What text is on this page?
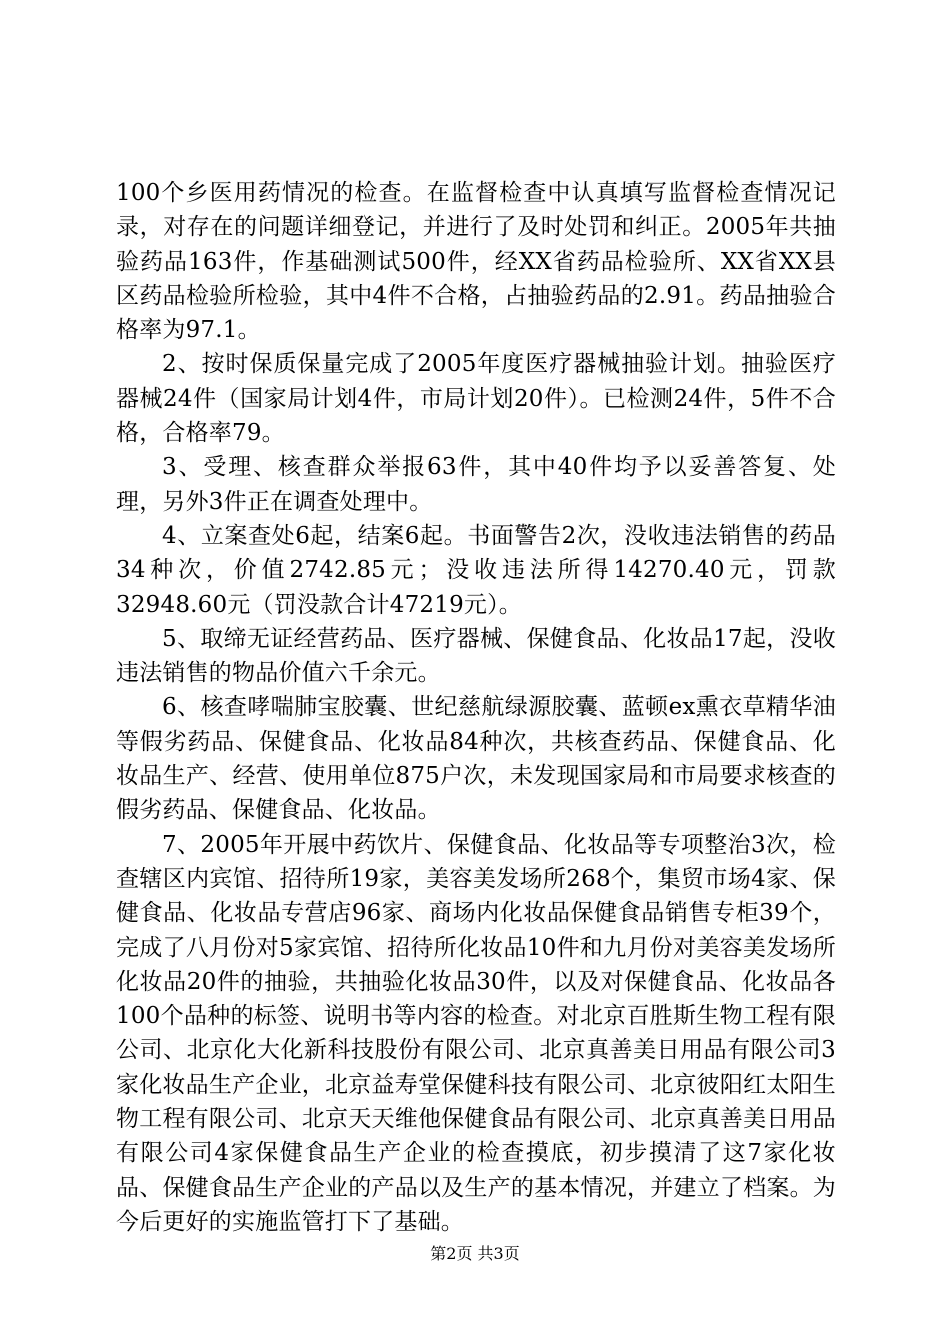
100个乡医用药情况的检查。在监督检查中认真填写监督检查情况记录，对存在的问题详细登记，并进行了及时处罚和纠正。2005年共抽验药品163件，作基础测试500件，经XX省药品检验所、XX省XX县区药品检验所检验，其中4件不合格，占抽验药品的2.91。药品抽验合格率为97.1。

2、按时保质保量完成了2005年度医疗器械抽验计划。抽验医疗器械24件（国家局计划4件，市局计划20件）。已检测24件，5件不合格，合格率79。

3、受理、核查群众举报63件，其中40件均予以妥善答复、处理，另外3件正在调查处理中。

4、立案查处6起，结案6起。书面警告2次，没收违法销售的药品34种次，价值2742.85元；没收违法所得14270.40元，罚款32948.60元（罚没款合计47219元）。

5、取缔无证经营药品、医疗器械、保健食品、化妆品17起，没收违法销售的物品价值六千余元。

6、核查哮喘肺宝胶囊、世纪慈航绿源胶囊、蓝顿ex熏衣草精华油等假劣药品、保健食品、化妆品84种次，共核查药品、保健食品、化妆品生产、经营、使用单位875户次，未发现国家局和市局要求核查的假劣药品、保健食品、化妆品。

7、2005年开展中药饮片、保健食品、化妆品等专项整治3次，检查辖区内宾馆、招待所19家，美容美发场所268个，集贸市场4家、保健食品、化妆品专营店96家、商场内化妆品保健食品销售专柜39个，完成了八月份对5家宾馆、招待所化妆品10件和九月份对美容美发场所化妆品20件的抽验，共抽验化妆品30件，以及对保健食品、化妆品各100个品种的标签、说明书等内容的检查。对北京百胜斯生物工程有限公司、北京化大化新科技股份有限公司、北京真善美日用品有限公司3家化妆品生产企业，北京益寿堂保健科技有限公司、北京彼阳红太阳生物工程有限公司、北京天天维他保健食品有限公司、北京真善美日用品有限公司4家保健食品生产企业的检查摸底，初步摸清了这7家化妆品、保健食品生产企业的产品以及生产的基本情况，并建立了档案。为今后更好的实施监管打下了基础。

第2页 共3页
